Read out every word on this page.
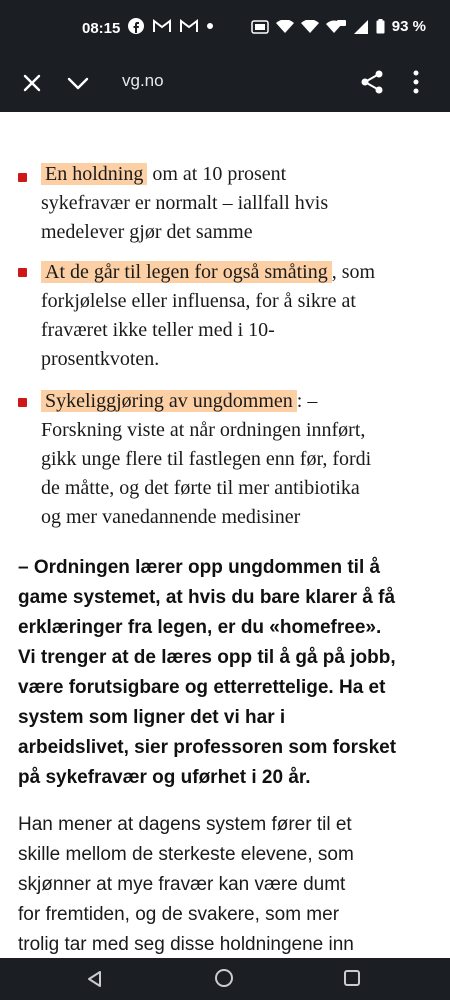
08:15	93 %
vg.no
En holdning om at 10 prosent
sykefravær er normalt – iallfall hvis
medelever gjør det samme
At de går til legen for også småting , som
forkjølelse eller influensa, for å sikre at
fraværet ikke teller med i 10-
prosentkvoten.
Sykeliggjøring av ungdommen : –
Forskning viste at når ordningen innført,
gikk unge flere til fastlegen enn før, fordi
de måtte, og det førte til mer antibiotika
og mer vanedannende medisiner
– Ordningen lærer opp ungdommen til å
game systemet, at hvis du bare klarer å få
erklæringer fra legen, er du «homefree».
Vi trenger at de læres opp til å gå på jobb,
være forutsigbare og etterrettelige. Ha et
system som ligner det vi har i
arbeidslivet, sier professoren som forsket
på sykefravær og uførhet i 20 år.
Han mener at dagens system fører til et
skille mellom de sterkeste elevene, som
skjønner at mye fravær kan være dumt
for fremtiden, og de svakere, som mer
trolig tar med seg disse holdningene inn
